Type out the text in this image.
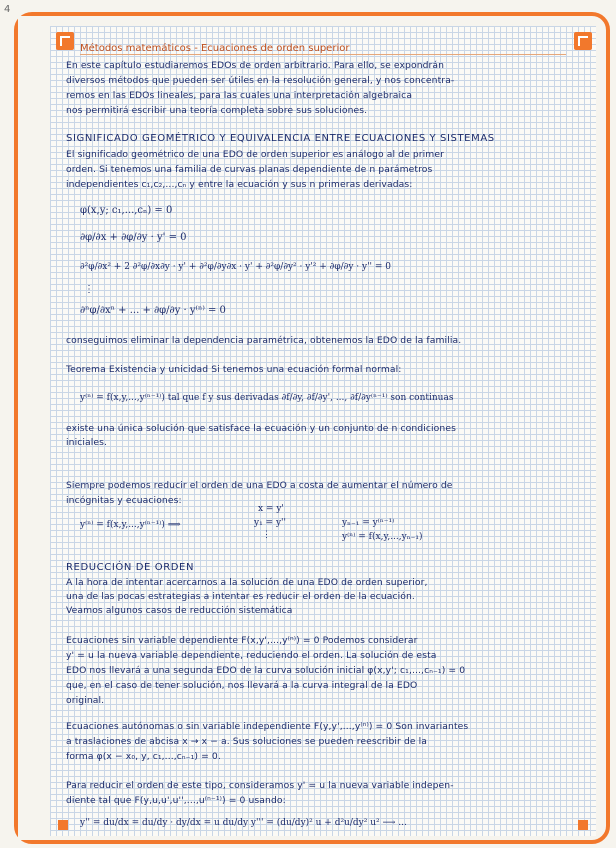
4
Métodos matemáticos - Ecuaciones de orden superior
En este capítulo estudiaremos EDOs de orden arbitrario. Para ello, se expondrán
diversos métodos que pueden ser útiles en la resolución general, y nos concentra-
remos en las EDOs lineales, para las cuales una interpretación algebraica
nos permitirá escribir una teoría completa sobre sus soluciones.
SIGNIFICADO GEOMÉTRICO Y EQUIVALENCIA ENTRE ECUACIONES Y SISTEMAS
El significado geométrico de una EDO de orden superior es análogo al de primer
orden. Si tenemos una familia de curvas planas dependiente de n parámetros
independientes c₁,c₂,...,cₙ y entre la ecuación y sus n primeras derivadas:
φ(x,y; c₁,...,cₙ) = 0
∂φ/∂x + ∂φ/∂y · y' = 0
∂²φ/∂x² + 2 ∂²φ/∂x∂y · y' + ∂²φ/∂y∂x · y' + ∂²φ/∂y² · y'² + ∂φ/∂y · y'' = 0
⋮
∂ⁿφ/∂xⁿ + ... + ∂φ/∂y · y⁽ⁿ⁾ = 0
conseguimos eliminar la dependencia paramétrica, obtenemos la EDO de la familia.
Teorema Existencia y unicidad Si tenemos una ecuación formal normal:
y⁽ⁿ⁾ = f(x,y,...,y⁽ⁿ⁻¹⁾) tal que f y sus derivadas ∂f/∂y, ∂f/∂y', ..., ∂f/∂y⁽ⁿ⁻¹⁾ son continuas
existe una única solución que satisface la ecuación y un conjunto de n condiciones
iniciales.
Siempre podemos reducir el orden de una EDO a costa de aumentar el número de
incógnitas y ecuaciones:
y⁽ⁿ⁾ = f(x,y,...,y⁽ⁿ⁻¹⁾) ⟹
x = y'
y₁ = y''
⋮
yₙ₋₁ = y⁽ⁿ⁻¹⁾
y⁽ⁿ⁾ = f(x,y,...,yₙ₋₁)
REDUCCIÓN DE ORDEN
A la hora de intentar acercarnos a la solución de una EDO de orden superior,
una de las pocas estrategias a intentar es reducir el orden de la ecuación.
Veamos algunos casos de reducción sistemática
Ecuaciones sin variable dependiente F(x,y',...,y⁽ⁿ⁾) = 0 Podemos considerar
y' = u la nueva variable dependiente, reduciendo el orden. La solución de esta
EDO nos llevará a una segunda EDO de la curva solución inicial φ(x,y'; c₁,...,cₙ₋₁) = 0
que, en el caso de tener solución, nos llevará a la curva integral de la EDO
original.
Ecuaciones autónomas o sin variable independiente F(y,y',...,y⁽ⁿ⁾) = 0 Son invariantes
a traslaciones de abcisa x → x − a. Sus soluciones se pueden reescribir de la
forma φ(x − x₀, y, c₁,...,cₙ₋₁) = 0.
Para reducir el orden de este tipo, consideramos y' = u la nueva variable indepen-
diente tal que F(y,u,u',u'',...,u⁽ⁿ⁻¹⁾) = 0 usando:
y'' = du/dx = du/dy · dy/dx = u du/dy y''' = (du/dy)² u + d²u/dy² u² ⟶ ...
